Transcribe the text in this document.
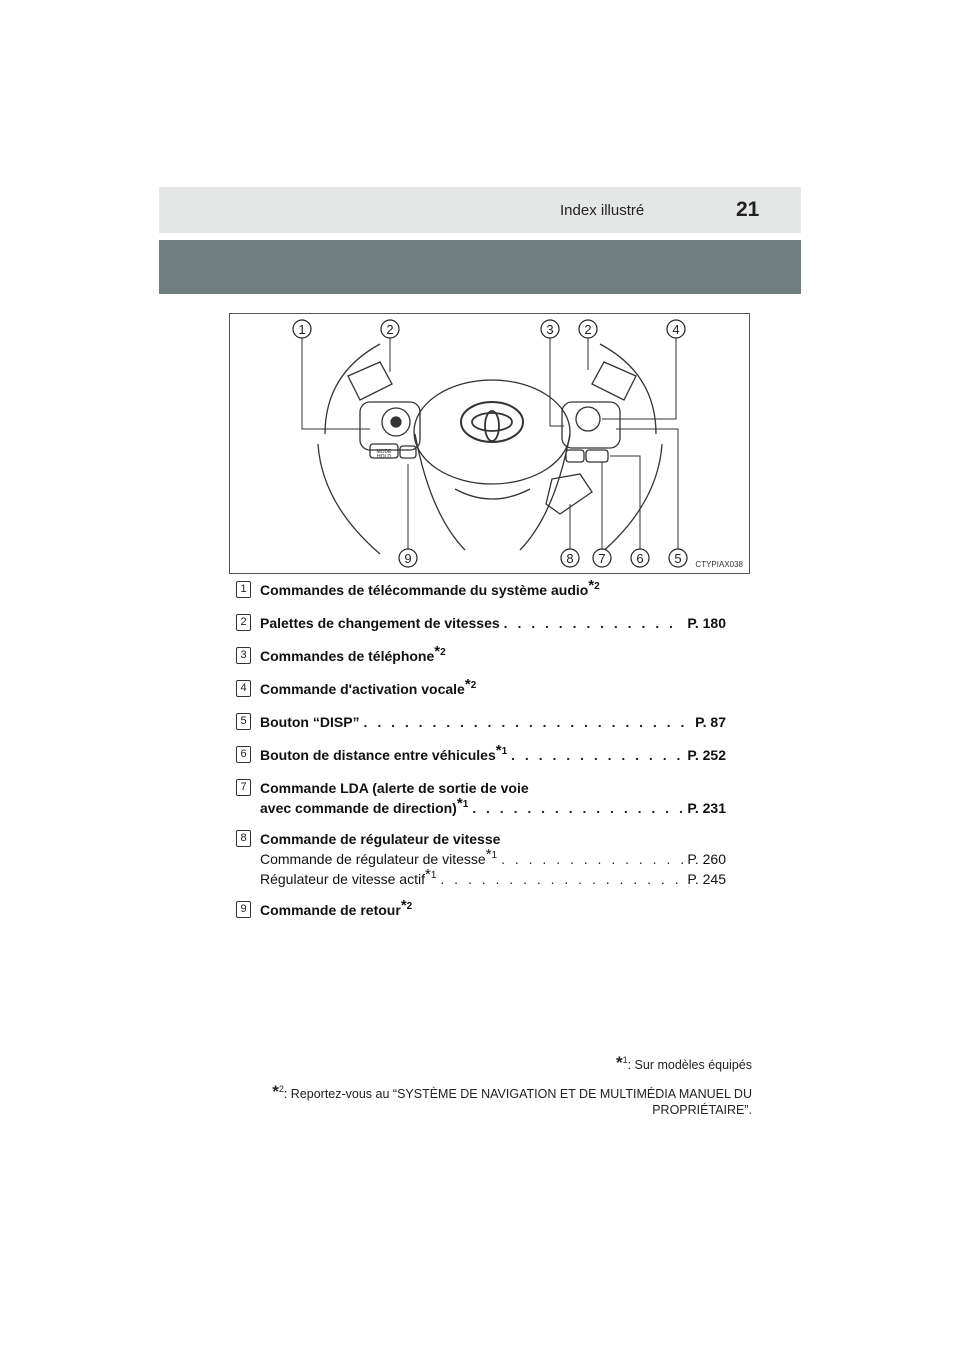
Index illustré	21
1	2	3 2	4
9	8 7 6 5
MODE
HOLD
CTYPIAX038
1 Commandes de télécommande du système audio$^{*2}$
2 Palettes de changement de vitesses . . .	P. 180
3 Commandes de téléphone$^{*2}$
4 Commande d'activation vocale$^{*2}$
5 Bouton “DISP” . . .	P. 87
6 Bouton de distance entre véhicules$^{*1}$ . . .	P. 252
7 Commande LDA (alerte de sortie de voie
avec commande de direction)$^{*1}$ . . .	P. 231
8 Commande de régulateur de vitesse
Commande de régulateur de vitesse$^{*1}$ . . .	P. 260
Régulateur de vitesse actif$^{*1}$ . . .	P. 245
9 Commande de retour$^{*2}$

*$^1$: Sur modèles équipés

*$^2$: Reportez-vous au “SYSTÈME DE NAVIGATION ET DE MULTIMÉDIA MANUEL DU
PROPRIÉTAIRE”.
